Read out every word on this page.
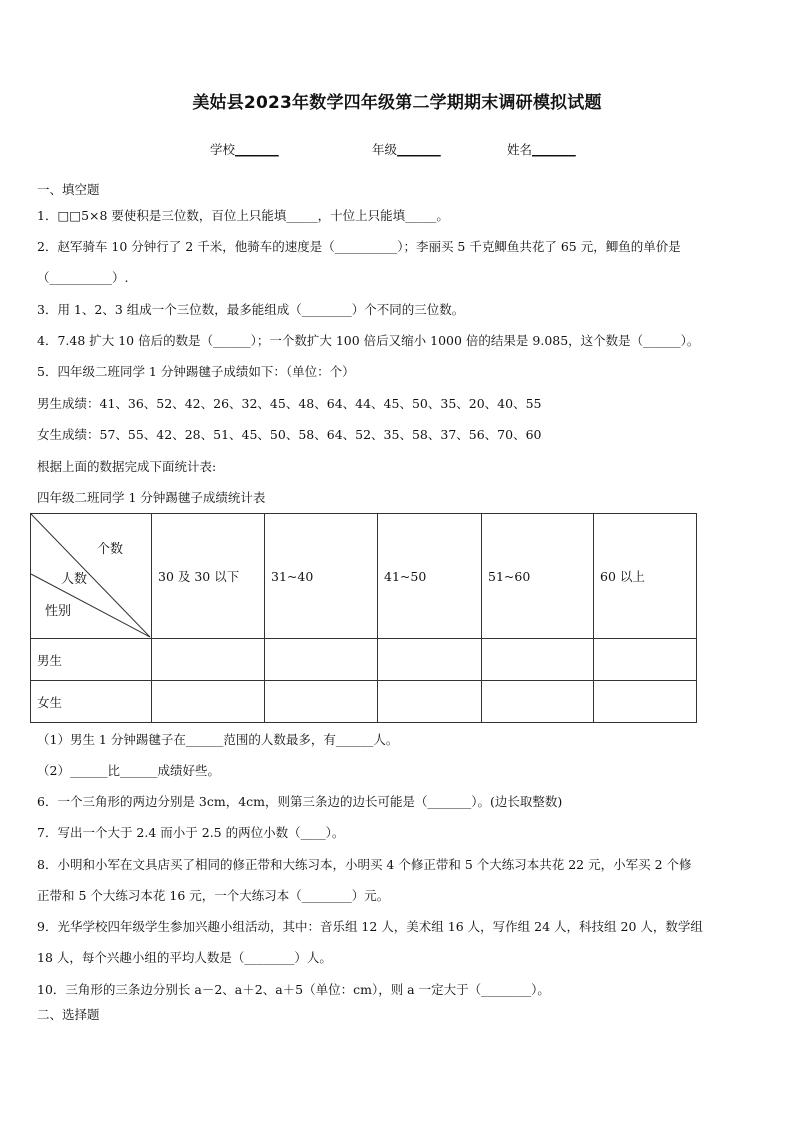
美姑县2023年数学四年级第二学期期末调研模拟试题
学校_______	年级_______	姓名_______
一、填空题
1．□□5×8 要使积是三位数，百位上只能填_____，十位上只能填_____。
2．赵军骑车 10 分钟行了 2 千米，他骑车的速度是（__________）；李丽买 5 千克鲫鱼共花了 65 元，鲫鱼的单价是
（__________）.
3．用 1、2、3 组成一个三位数，最多能组成（________）个不同的三位数。
4．7.48 扩大 10 倍后的数是（______）；一个数扩大 100 倍后又缩小 1000 倍的结果是 9.085，这个数是（______）。
5．四年级二班同学 1 分钟踢毽子成绩如下：（单位：个）
男生成绩：41、36、52、42、26、32、45、48、64、44、45、50、35、20、40、55
女生成绩：57、55、42、28、51、45、50、58、64、52、35、58、37、56、70、60
根据上面的数据完成下面统计表:
四年级二班同学 1 分钟踢毽子成绩统计表
个数
人数
性别	30 及 30 以下	31~40	41~50	51~60	60 以上
男生					
女生					
（1）男生 1 分钟踢毽子在______范围的人数最多，有______人。
（2）______比______成绩好些。
6．一个三角形的两边分别是 3cm，4cm，则第三条边的边长可能是（_______）。(边长取整数)
7．写出一个大于 2.4 而小于 2.5 的两位小数（____）。
8．小明和小军在文具店买了相同的修正带和大练习本，小明买 4 个修正带和 5 个大练习本共花 22 元，小军买 2 个修
正带和 5 个大练习本花 16 元，一个大练习本（________）元。
9．光华学校四年级学生参加兴趣小组活动，其中：音乐组 12 人，美术组 16 人，写作组 24 人，科技组 20 人，数学组
18 人，每个兴趣小组的平均人数是（________）人。
10．三角形的三条边分别长 a－2、a＋2、a＋5（单位：cm），则 a 一定大于（________）。
二、选择题
